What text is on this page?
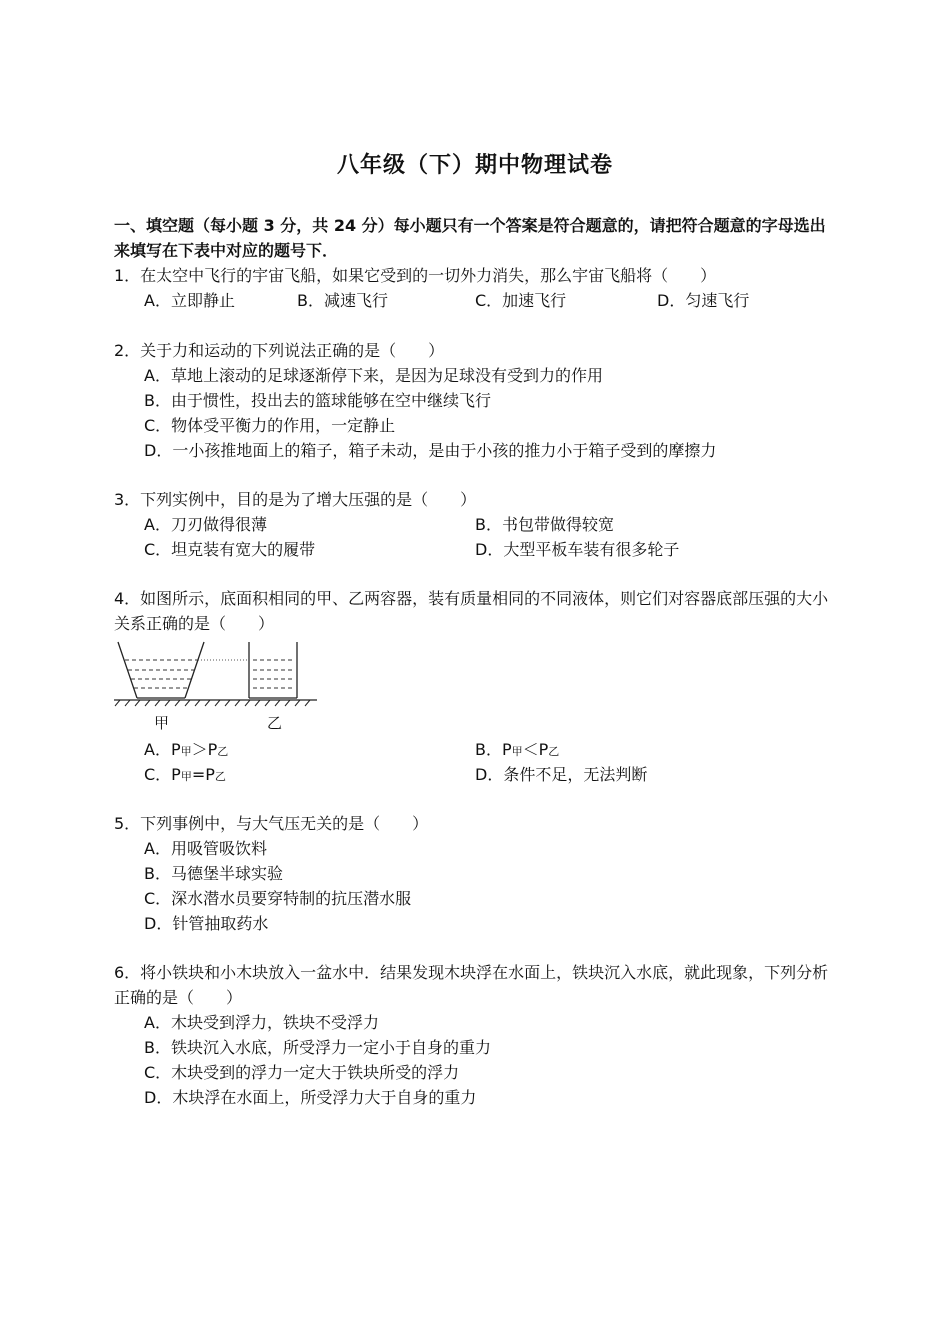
八年级（下）期中物理试卷
一、填空题（每小题 3 分，共 24 分）每小题只有一个答案是符合题意的，请把符合题意的字母选出来填写在下表中对应的题号下．
1．在太空中飞行的宇宙飞船，如果它受到的一切外力消失，那么宇宙飞船将（　　）
A．立即静止	B．减速飞行	C．加速飞行	D．匀速飞行
2．关于力和运动的下列说法正确的是（　　）
A．草地上滚动的足球逐渐停下来，是因为足球没有受到力的作用
B．由于惯性，投出去的篮球能够在空中继续飞行
C．物体受平衡力的作用，一定静止
D．一小孩推地面上的箱子，箱子未动，是由于小孩的推力小于箱子受到的摩擦力
3．下列实例中，目的是为了增大压强的是（　　）
A．刀刃做得很薄	B．书包带做得较宽
C．坦克装有宽大的履带	D．大型平板车装有很多轮子
4．如图所示，底面积相同的甲、乙两容器，装有质量相同的不同液体，则它们对容器底部压强的大小关系正确的是（　　）
甲	乙
A．P甲＞P乙	B．P甲＜P乙
C．P甲=P乙	D．条件不足，无法判断
5．下列事例中，与大气压无关的是（　　）
A．用吸管吸饮料
B．马德堡半球实验
C．深水潜水员要穿特制的抗压潜水服
D．针管抽取药水
6．将小铁块和小木块放入一盆水中．结果发现木块浮在水面上，铁块沉入水底，就此现象，下列分析正确的是（　　）
A．木块受到浮力，铁块不受浮力
B．铁块沉入水底，所受浮力一定小于自身的重力
C．木块受到的浮力一定大于铁块所受的浮力
D．木块浮在水面上，所受浮力大于自身的重力
